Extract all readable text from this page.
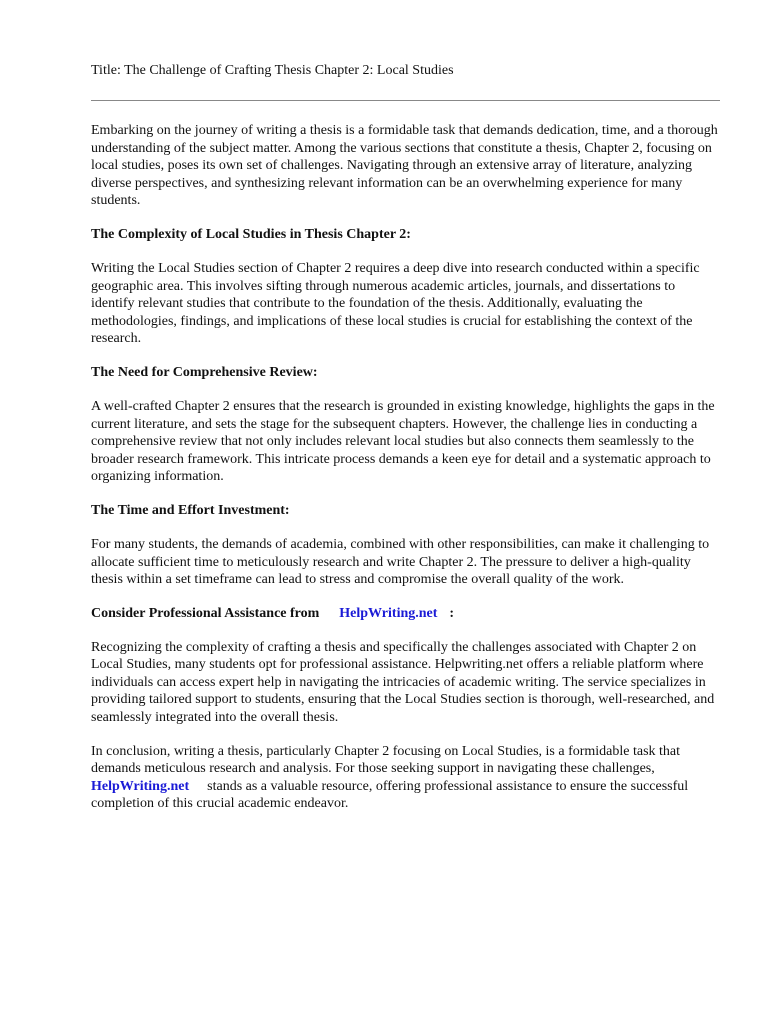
Title: The Challenge of Crafting Thesis Chapter 2: Local Studies

Embarking on the journey of writing a thesis is a formidable task that demands dedication, time, and a thorough understanding of the subject matter. Among the various sections that constitute a thesis, Chapter 2, focusing on local studies, poses its own set of challenges. Navigating through an extensive array of literature, analyzing diverse perspectives, and synthesizing relevant information can be an overwhelming experience for many students.

The Complexity of Local Studies in Thesis Chapter 2:

Writing the Local Studies section of Chapter 2 requires a deep dive into research conducted within a specific geographic area. This involves sifting through numerous academic articles, journals, and dissertations to identify relevant studies that contribute to the foundation of the thesis. Additionally, evaluating the methodologies, findings, and implications of these local studies is crucial for establishing the context of the research.

The Need for Comprehensive Review:

A well-crafted Chapter 2 ensures that the research is grounded in existing knowledge, highlights the gaps in the current literature, and sets the stage for the subsequent chapters. However, the challenge lies in conducting a comprehensive review that not only includes relevant local studies but also connects them seamlessly to the broader research framework. This intricate process demands a keen eye for detail and a systematic approach to organizing information.

The Time and Effort Investment:

For many students, the demands of academia, combined with other responsibilities, can make it challenging to allocate sufficient time to meticulously research and write Chapter 2. The pressure to deliver a high-quality thesis within a set timeframe can lead to stress and compromise the overall quality of the work.

Consider Professional Assistance from HelpWriting.net :

Recognizing the complexity of crafting a thesis and specifically the challenges associated with Chapter 2 on Local Studies, many students opt for professional assistance. Helpwriting.net offers a reliable platform where individuals can access expert help in navigating the intricacies of academic writing. The service specializes in providing tailored support to students, ensuring that the Local Studies section is thorough, well-researched, and seamlessly integrated into the overall thesis.

In conclusion, writing a thesis, particularly Chapter 2 focusing on Local Studies, is a formidable task that demands meticulous research and analysis. For those seeking support in navigating these challenges,HelpWriting.net stands as a valuable resource, offering professional assistance to ensure the successful completion of this crucial academic endeavor.
